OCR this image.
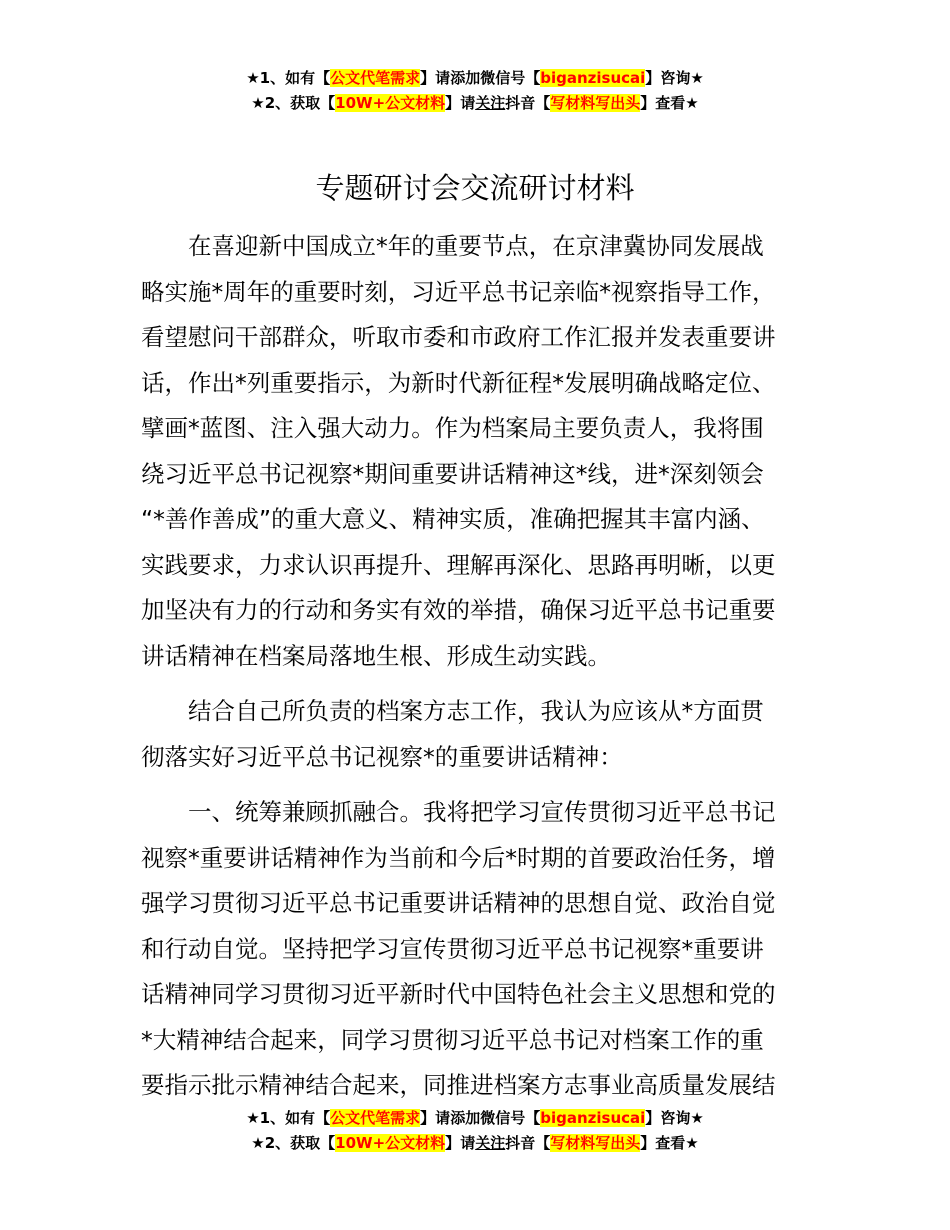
★1、如有【公文代笔需求】请添加微信号【biganzisucai】咨询★
★2、获取【10W+公文材料】请关注抖音【写材料写出头】查看★
专题研讨会交流研讨材料

　　在喜迎新中国成立*年的重要节点，在京津冀协同发展战
略实施*周年的重要时刻，习近平总书记亲临*视察指导工作，
看望慰问干部群众，听取市委和市政府工作汇报并发表重要讲
话，作出*列重要指示，为新时代新征程*发展明确战略定位、
擘画*蓝图、注入强大动力。作为档案局主要负责人，我将围
绕习近平总书记视察*期间重要讲话精神这*线，进*深刻领会
“*善作善成”的重大意义、精神实质，准确把握其丰富内涵、
实践要求，力求认识再提升、理解再深化、思路再明晰，以更
加坚决有力的行动和务实有效的举措，确保习近平总书记重要
讲话精神在档案局落地生根、形成生动实践。

　　结合自己所负责的档案方志工作，我认为应该从*方面贯
彻落实好习近平总书记视察*的重要讲话精神：

　　一、统筹兼顾抓融合。我将把学习宣传贯彻习近平总书记
视察*重要讲话精神作为当前和今后*时期的首要政治任务，增
强学习贯彻习近平总书记重要讲话精神的思想自觉、政治自觉
和行动自觉。坚持把学习宣传贯彻习近平总书记视察*重要讲
话精神同学习贯彻习近平新时代中国特色社会主义思想和党的
*大精神结合起来，同学习贯彻习近平总书记对档案工作的重
要指示批示精神结合起来，同推进档案方志事业高质量发展结

★1、如有【公文代笔需求】请添加微信号【biganzisucai】咨询★
★2、获取【10W+公文材料】请关注抖音【写材料写出头】查看★
